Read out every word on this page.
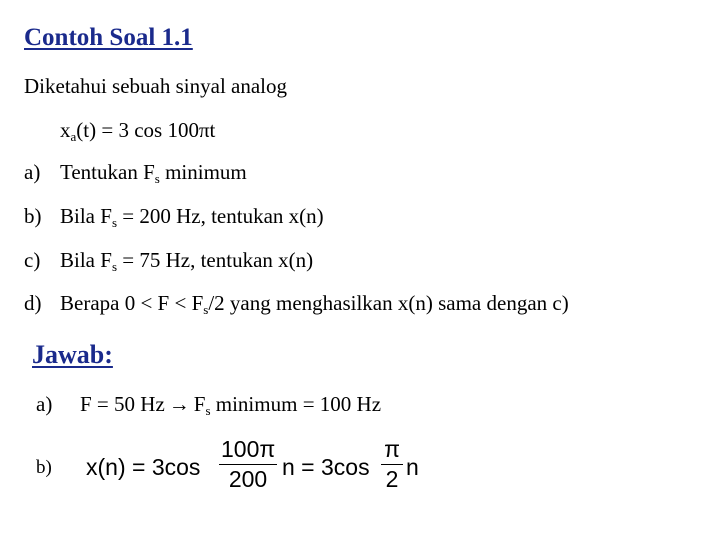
Contoh Soal 1.1
Diketahui sebuah sinyal analog
$x_a(t) = 3$ cos 100πt
a) Tentukan $F_s$ minimum
b) Bila $F_s = 200$ Hz, tentukan x(n)
c) Bila $F_s = 75$ Hz, tentukan x(n)
d) Berapa $0 < F < F_s/2$ yang menghasilkan x(n) sama dengan c)
Jawab:
a) F = 50 $Hz \to F_s$ minimum = 100 Hz
b) x(n) = 3cos
100π
200 n = 3cos
π
2 n
